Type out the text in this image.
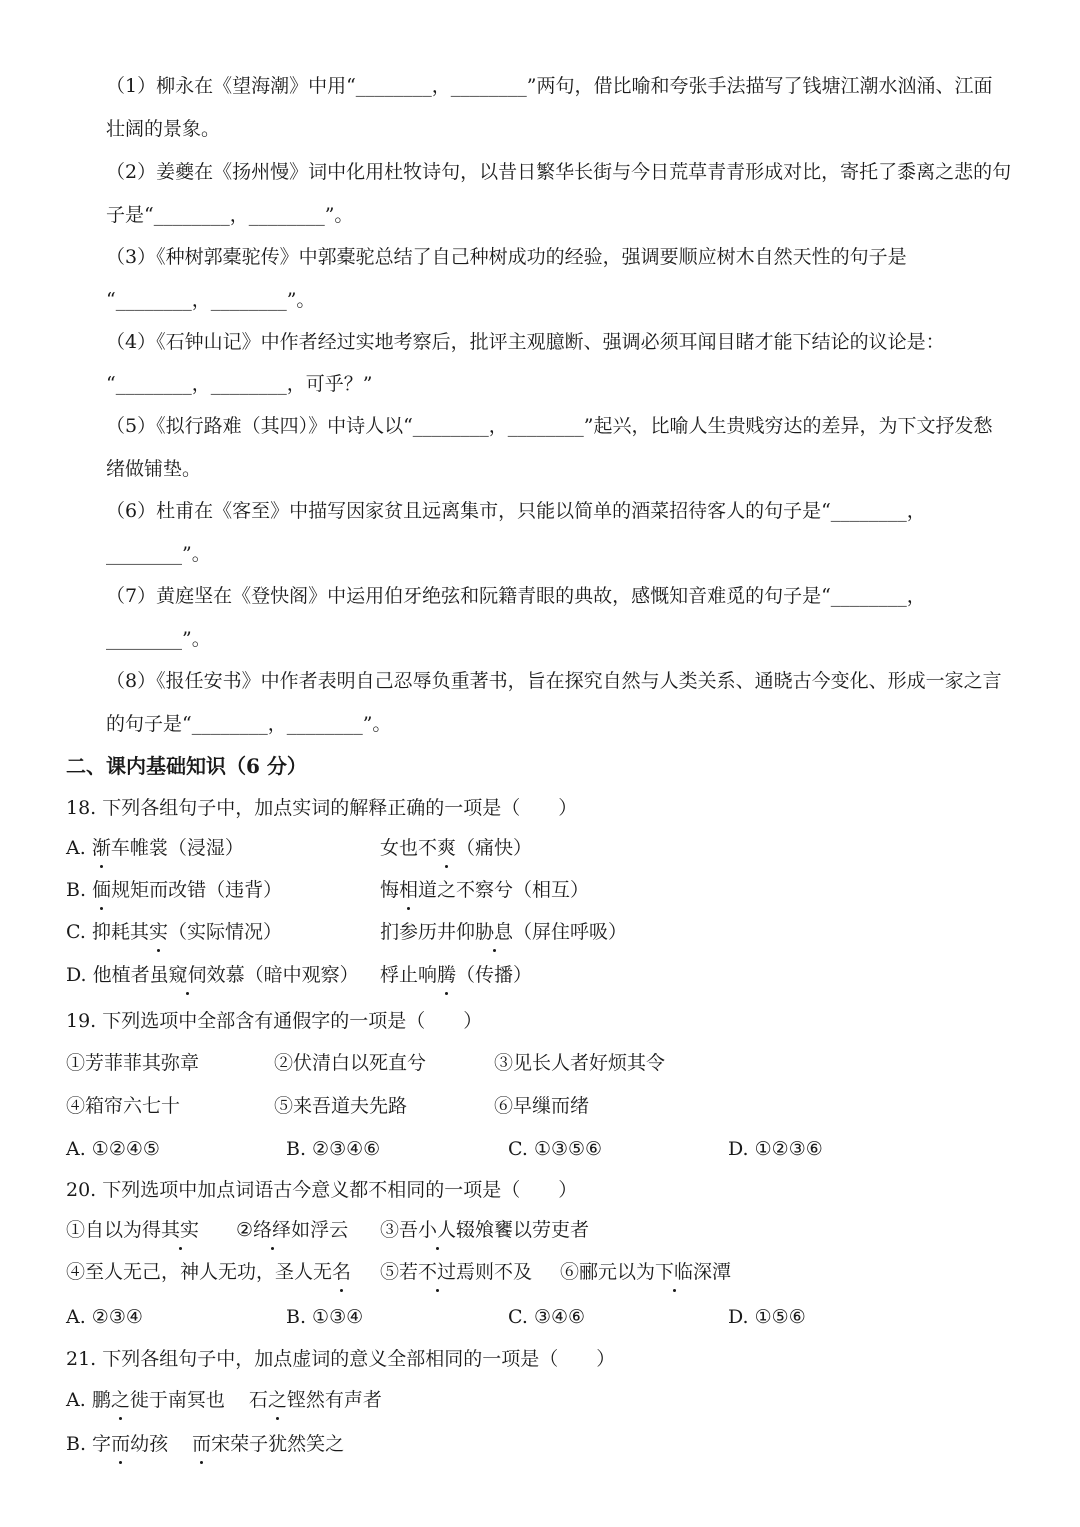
（1）柳永在《望海潮》中用“________，________”两句，借比喻和夸张手法描写了钱塘江潮水汹涌、江面
壮阔的景象。
（2）姜夔在《扬州慢》词中化用杜牧诗句，以昔日繁华长街与今日荒草青青形成对比，寄托了黍离之悲的句
子是“________，________”。
（3）《种树郭橐驼传》中郭橐驼总结了自己种树成功的经验，强调要顺应树木自然天性的句子是
“________，________”。
（4）《石钟山记》中作者经过实地考察后，批评主观臆断、强调必须耳闻目睹才能下结论的议论是：
“________，________，可乎？”
（5）《拟行路难（其四）》中诗人以“________，________”起兴，比喻人生贵贱穷达的差异，为下文抒发愁
绪做铺垫。
（6）杜甫在《客至》中描写因家贫且远离集市，只能以简单的酒菜招待客人的句子是“________，
________”。
（7）黄庭坚在《登快阁》中运用伯牙绝弦和阮籍青眼的典故，感慨知音难觅的句子是“________，
________”。
（8）《报任安书》中作者表明自己忍辱负重著书，旨在探究自然与人类关系、通晓古今变化、形成一家之言
的句子是“________，________”。
二、课内基础知识（6 分）
18. 下列各组句子中，加点实词的解释正确的一项是（　　）
A. 渐车帷裳（浸湿）	女也不爽（痛快）
B. 偭规矩而改错（违背）	悔相道之不察兮（相互）
C. 抑耗其实（实际情况）	扪参历井仰胁息（屏住呼吸）
D. 他植者虽窥伺效慕（暗中观察） 桴止响腾（传播）
19. 下列选项中全部含有通假字的一项是（　　）
①芳菲菲其弥章	②伏清白以死直兮	③见长人者好烦其令
④箱帘六七十	⑤来吾道夫先路	⑥早缫而绪
A. ①②④⑤	B. ②③④⑥	C. ①③⑤⑥	D. ①②③⑥
20. 下列选项中加点词语古今意义都不相同的一项是（　　）
①自以为得其实 ②络绎如浮云 ③吾小人辍飧饔以劳吏者
④至人无己，神人无功，圣人无名 ⑤若不过焉则不及 ⑥郦元以为下临深潭
A. ②③④	B. ①③④	C. ③④⑥	D. ①⑤⑥
21. 下列各组句子中，加点虚词的意义全部相同的一项是（　　）
A. 鹏之徙于南冥也 石之铿然有声者
B. 字而幼孩 而宋荣子犹然笑之
